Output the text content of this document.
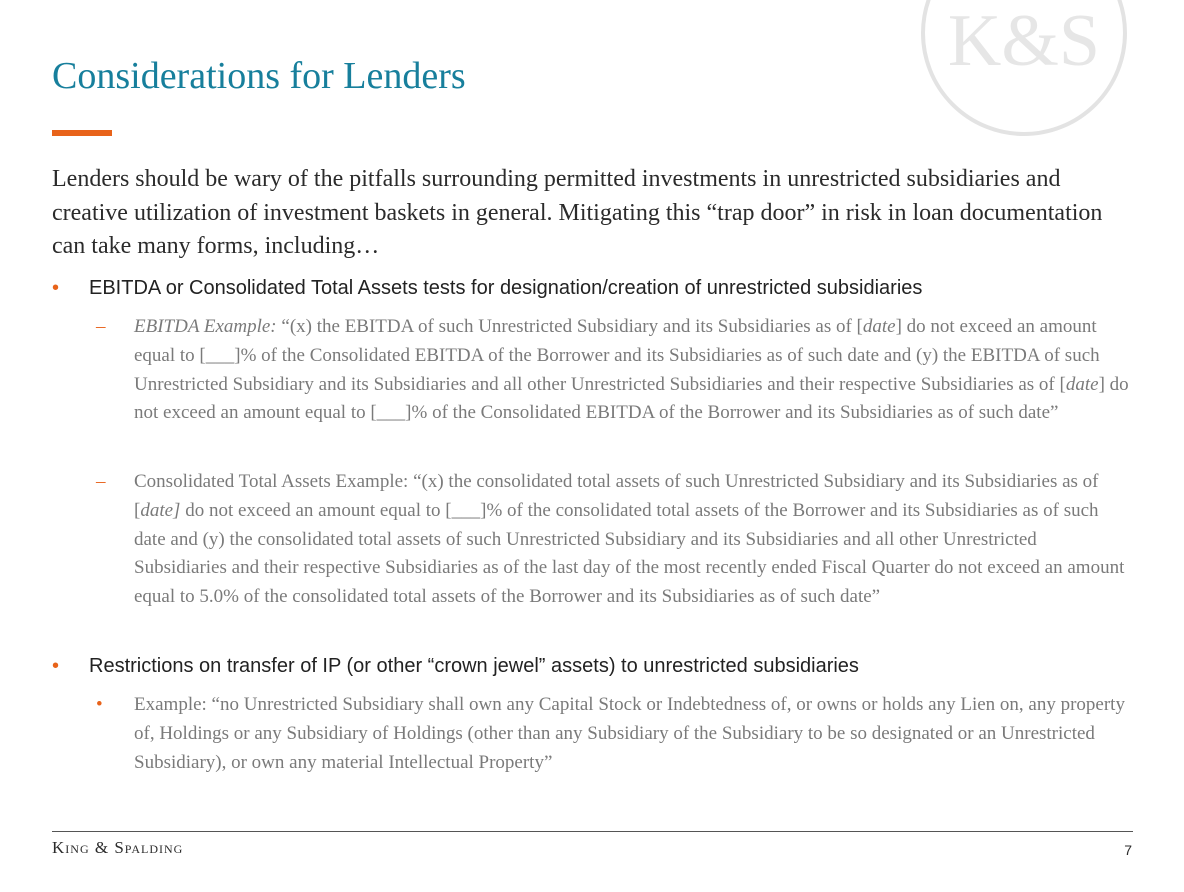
K&S
Considerations for Lenders

Lenders should be wary of the pitfalls surrounding permitted investments in unrestricted subsidiaries and creative utilization of investment baskets in general. Mitigating this “trap door” in risk in loan documentation can take many forms, including…

• EBITDA or Consolidated Total Assets tests for designation/creation of unrestricted subsidiaries
– EBITDA Example: “(x) the EBITDA of such Unrestricted Subsidiary and its Subsidiaries as of [date] do not exceed an amount equal to [___]% of the Consolidated EBITDA of the Borrower and its Subsidiaries as of such date and (y) the EBITDA of such Unrestricted Subsidiary and its Subsidiaries and all other Unrestricted Subsidiaries and their respective Subsidiaries as of [date] do not exceed an amount equal to [___]% of the Consolidated EBITDA of the Borrower and its Subsidiaries as of such date”

– Consolidated Total Assets Example: “(x) the consolidated total assets of such Unrestricted Subsidiary and its Subsidiaries as of [date] do not exceed an amount equal to [___]% of the consolidated total assets of the Borrower and its Subsidiaries as of such date and (y) the consolidated total assets of such Unrestricted Subsidiary and its Subsidiaries and all other Unrestricted Subsidiaries and their respective Subsidiaries as of the last day of the most recently ended Fiscal Quarter do not exceed an amount equal to 5.0% of the consolidated total assets of the Borrower and its Subsidiaries as of such date”

• Restrictions on transfer of IP (or other “crown jewel” assets) to unrestricted subsidiaries
• Example: “no Unrestricted Subsidiary shall own any Capital Stock or Indebtedness of, or owns or holds any Lien on, any property of, Holdings or any Subsidiary of Holdings (other than any Subsidiary of the Subsidiary to be so designated or an Unrestricted Subsidiary), or own any material Intellectual Property”

King & Spalding	7
